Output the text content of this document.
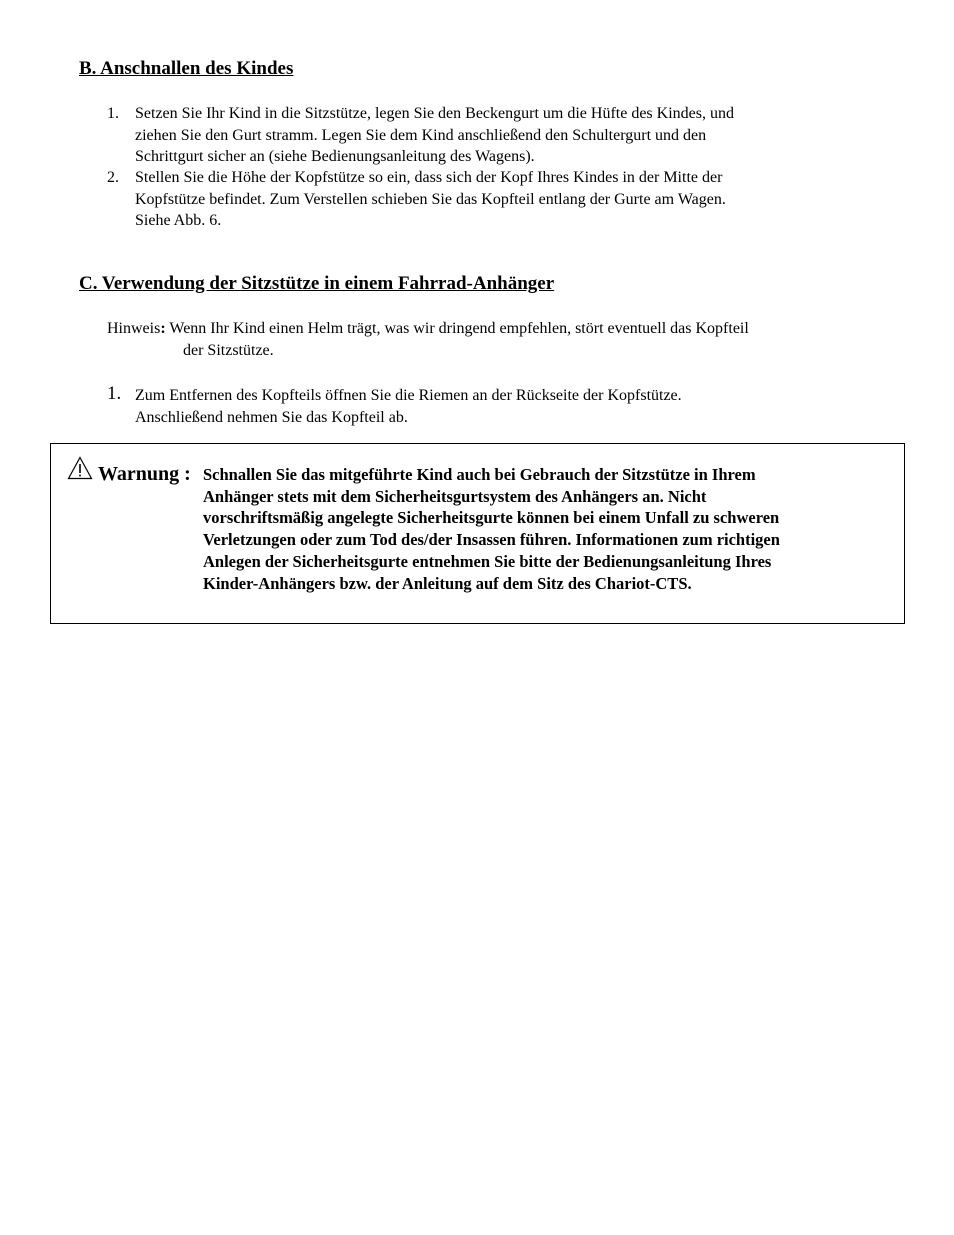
B. Anschnallen des Kindes
1. Setzen Sie Ihr Kind in die Sitzstütze, legen Sie den Beckengurt um die Hüfte des Kindes, und
ziehen Sie den Gurt stramm. Legen Sie dem Kind anschließend den Schultergurt und den
Schrittgurt sicher an (siehe Bedienungsanleitung des Wagens).
2. Stellen Sie die Höhe der Kopfstütze so ein, dass sich der Kopf Ihres Kindes in der Mitte der
Kopfstütze befindet. Zum Verstellen schieben Sie das Kopfteil entlang der Gurte am Wagen.
Siehe Abb. 6.
C. Verwendung der Sitzstütze in einem Fahrrad-Anhänger
Hinweis: Wenn Ihr Kind einen Helm trägt, was wir dringend empfehlen, stört eventuell das Kopfteil
der Sitzstütze.
1. Zum Entfernen des Kopfteils öffnen Sie die Riemen an der Rückseite der Kopfstütze.
Anschließend nehmen Sie das Kopfteil ab.
Warnung : Schnallen Sie das mitgeführte Kind auch bei Gebrauch der Sitzstütze in Ihrem
Anhänger stets mit dem Sicherheitsgurtsystem des Anhängers an. Nicht
vorschriftsmäßig angelegte Sicherheitsgurte können bei einem Unfall zu schweren
Verletzungen oder zum Tod des/der Insassen führen. Informationen zum richtigen
Anlegen der Sicherheitsgurte entnehmen Sie bitte der Bedienungsanleitung Ihres
Kinder-Anhängers bzw. der Anleitung auf dem Sitz des Chariot-CTS.
